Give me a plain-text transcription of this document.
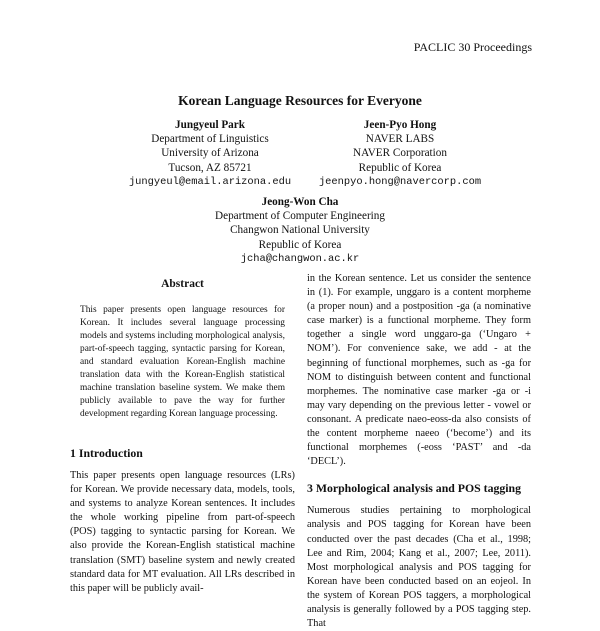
PACLIC 30 Proceedings
Korean Language Resources for Everyone
Jungyeul Park
Department of Linguistics
University of Arizona
Tucson, AZ 85721
jungyeul@email.arizona.edu
Jeen-Pyo Hong
NAVER LABS
NAVER Corporation
Republic of Korea
jeenpyo.hong@navercorp.com
Jeong-Won Cha
Department of Computer Engineering
Changwon National University
Republic of Korea
jcha@changwon.ac.kr
Abstract

This paper presents open language resources for Korean. It includes several language processing models and systems including morphological analysis, part-of-speech tagging, syntactic parsing for Korean, and standard evaluation Korean-English machine translation data with the Korean-English statistical machine translation baseline system. We make them publicly available to pave the way for further development regarding Korean language processing.

1 Introduction

This paper presents open language resources (LRs) for Korean. We provide necessary data, models, tools, and systems to analyze Korean sentences. It includes the whole working pipeline from part-of-speech (POS) tagging to syntactic parsing for Korean. We also provide the Korean-English statistical machine translation (SMT) baseline system and newly created standard data for MT evaluation. All LRs described in this paper will be publicly avail-

in the Korean sentence. Let us consider the sentence in (1). For example, unggaro is a content morpheme (a proper noun) and a postposition -ga (a nominative case marker) is a functional morpheme. They form together a single word unggaro-ga (‘Ungaro + NOM’). For convenience sake, we add - at the beginning of functional morphemes, such as -ga for NOM to distinguish between content and functional morphemes. The nominative case marker -ga or -i may vary depending on the previous letter - vowel or consonant. A predicate naeo-eoss-da also consists of the content morpheme naeeo (‘become’) and its functional morphemes (-eoss ‘PAST’ and -da ‘DECL’).

3 Morphological analysis and POS tagging

Numerous studies pertaining to morphological analysis and POS tagging for Korean have been conducted over the past decades (Cha et al., 1998; Lee and Rim, 2004; Kang et al., 2007; Lee, 2011). Most morphological analysis and POS tagging for Korean have been conducted based on an eojeol. In the system of Korean POS taggers, a morphological analysis is generally followed by a POS tagging step. That
